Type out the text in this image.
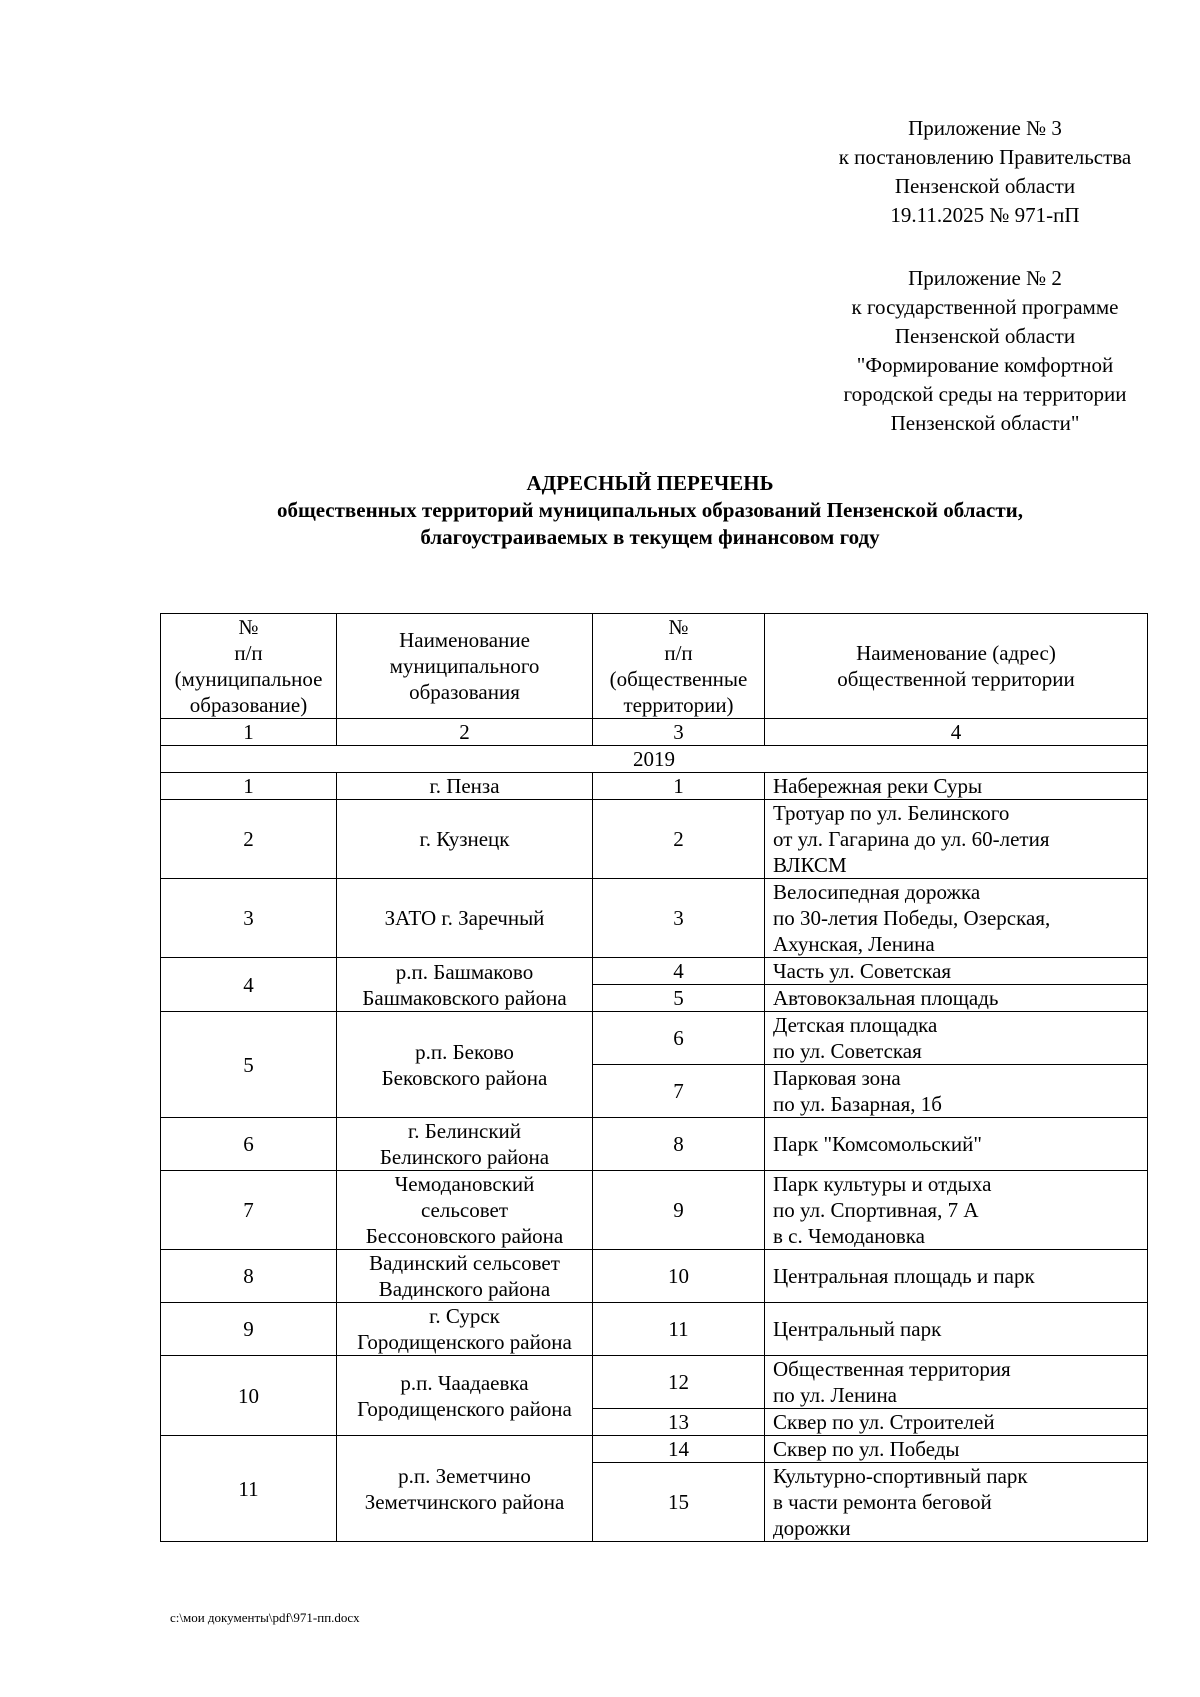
Приложение № 3
к постановлению Правительства
Пензенской области
19.11.2025 № 971-пП
Приложение № 2
к государственной программе
Пензенской области
"Формирование комфортной
городской среды на территории
Пензенской области"
АДРЕСНЫЙ ПЕРЕЧЕНЬ
общественных территорий муниципальных образований Пензенской области,
благоустраиваемых в текущем финансовом году
№
п/п
(муниципальное
образование)	Наименование
муниципального
образования	№
п/п
(общественные
территории)	Наименование (адрес)
общественной территории

1	2	3	4
2019			
1	г. Пенза	1	Набережная реки Суры

2	г. Кузнецк	2	Тротуар по ул. Белинского
от ул. Гагарина до ул. 60-летия
ВЛКСМ

3	ЗАТО г. Заречный	3	Велосипедная дорожка
по 30-летия Победы, Озерская,
Ахунская, Ленина

4	р.п. Башмаково
Башмаковского района	4	Часть ул. Советская

		5	Автовокзальная площадь

5	р.п. Беково
Бековского района	6	Детская площадка
по ул. Советская

		7	Парковая зона
по ул. Базарная, 1б

6	г. Белинский
Белинского района	8	Парк "Комсомольский"

7	Чемодановский
сельсовет
Бессоновского района	9	Парк культуры и отдыха
по ул. Спортивная, 7 А
в с. Чемодановка

8	Вадинский сельсовет
Вадинского района	10	Центральная площадь и парк

9	г. Сурск
Городищенского района	11	Центральный парк

10	р.п. Чаадаевка
Городищенского района	12	Общественная территория
по ул. Ленина

		13	Сквер по ул. Строителей

11	р.п. Земетчино
Земетчинского района	14	Сквер по ул. Победы

		15	Культурно-спортивный парк
в части ремонта беговой
дорожки
c:\мои документы\pdf\971-пп.docx
